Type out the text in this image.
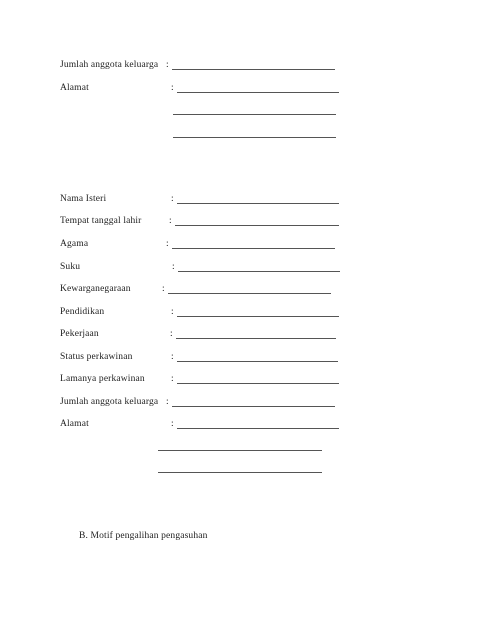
Jumlah anggota keluarga :
Alamat	:
Nama Isteri	:
Tempat tanggal lahir	:
Agama	:
Suku	:
Kewarganegaraan	:
Pendidikan	:
Pekerjaan	:
Status perkawinan	:
Lamanya perkawinan	:
Jumlah anggota keluarga :
Alamat	:
B. Motif pengalihan pengasuhan
